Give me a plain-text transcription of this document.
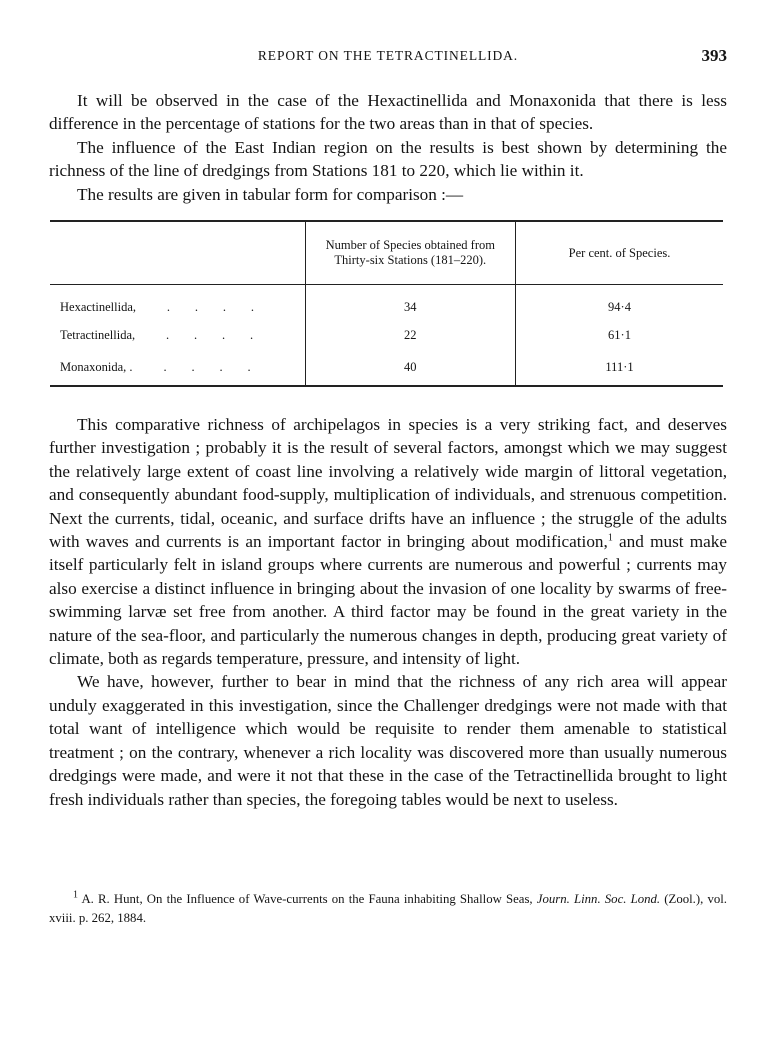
REPORT ON THE TETRACTINELLIDA.	393

It will be observed in the case of the Hexactinellida and Monaxonida that there is less difference in the percentage of stations for the two areas than in that of species.

The influence of the East Indian region on the results is best shown by determining the richness of the line of dredgings from Stations 181 to 220, which lie within it.

The results are given in tabular form for comparison :—

	Number of Species obtained from Thirty-six Stations (181–220).	Per cent. of Species.
Hexactinellida, . . . .	34	94·4
Tetractinellida, . . . .	22	61·1
Monaxonida, . . . . .	40	111·1

This comparative richness of archipelagos in species is a very striking fact, and deserves further investigation ; probably it is the result of several factors, amongst which we may suggest the relatively large extent of coast line involving a relatively wide margin of littoral vegetation, and consequently abundant food-supply, multiplication of individuals, and strenuous competition. Next the currents, tidal, oceanic, and surface drifts have an influence ; the struggle of the adults with waves and currents is an important factor in bringing about modification,$^1$ and must make itself particularly felt in island groups where currents are numerous and powerful ; currents may also exercise a distinct influence in bringing about the invasion of one locality by swarms of free-swimming larvæ set free from another. A third factor may be found in the great variety in the nature of the sea-floor, and particularly the numerous changes in depth, producing great variety of climate, both as regards temperature, pressure, and intensity of light.

We have, however, further to bear in mind that the richness of any rich area will appear unduly exaggerated in this investigation, since the Challenger dredgings were not made with that total want of intelligence which would be requisite to render them amenable to statistical treatment ; on the contrary, whenever a rich locality was discovered more than usually numerous dredgings were made, and were it not that these in the case of the Tetractinellida brought to light fresh individuals rather than species, the foregoing tables would be next to useless.

$^1$ A. R. Hunt, On the Influence of Wave-currents on the Fauna inhabiting Shallow Seas, Journ. Linn. Soc. Lond. (Zool.), vol. xviii. p. 262, 1884.
